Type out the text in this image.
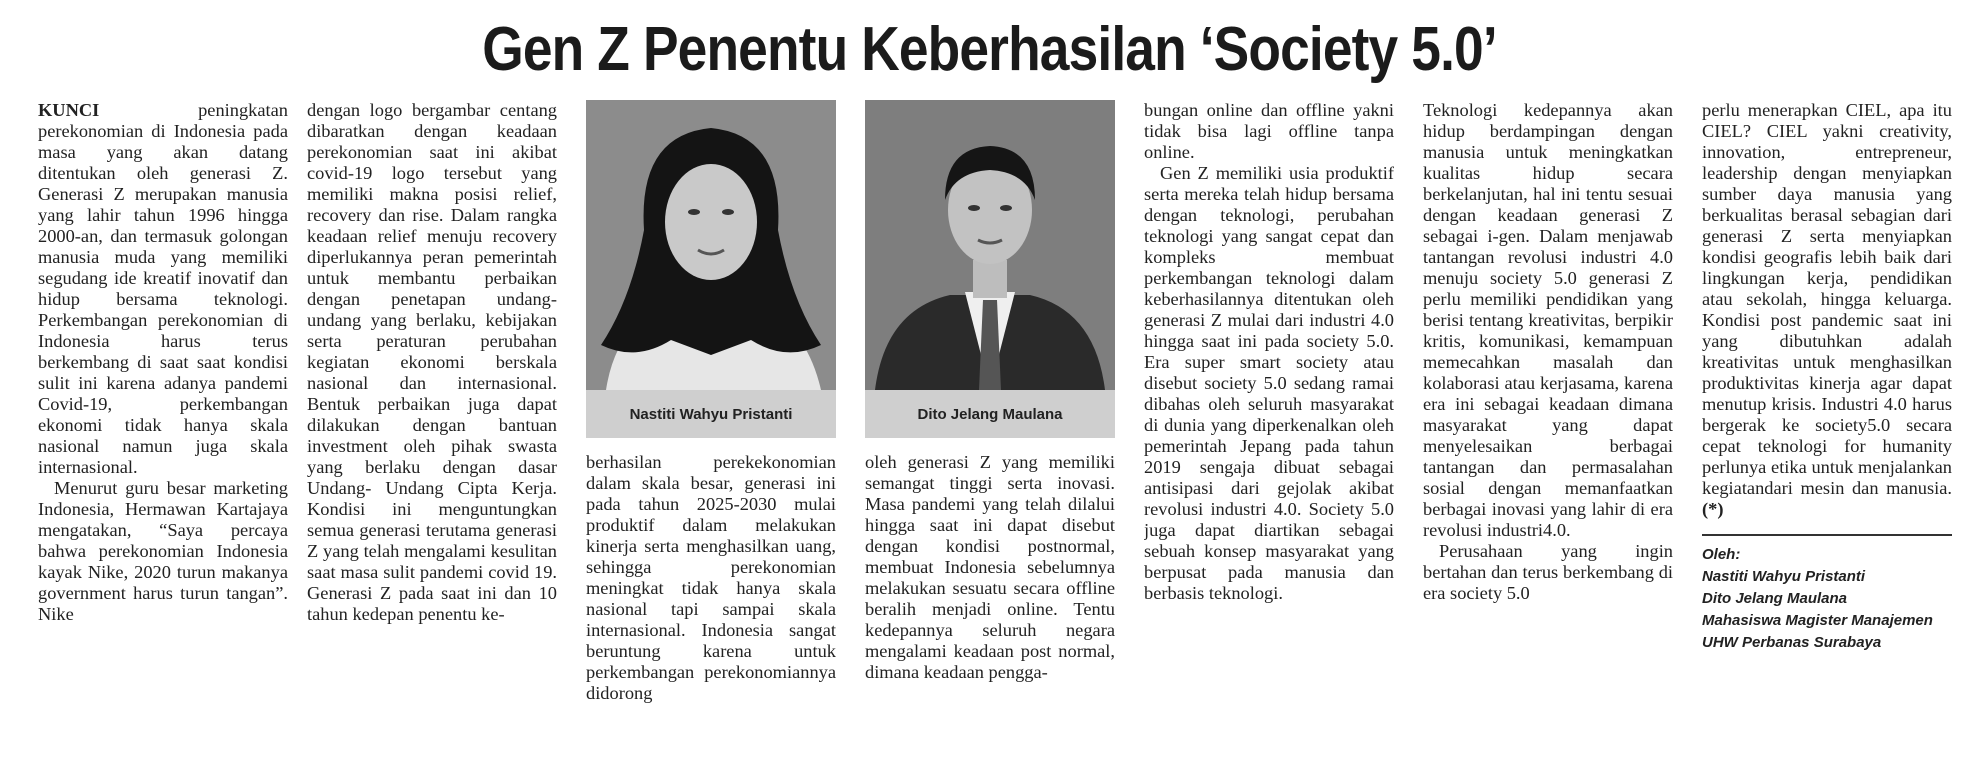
Gen Z Penentu Keberhasilan ‘Society 5.0’

KUNCI peningkatan perekonomian di Indonesia pada masa yang akan datang ditentukan oleh generasi Z. Generasi Z merupakan manusia yang lahir tahun 1996 hingga 2000-an, dan termasuk golongan manusia muda yang memiliki segudang ide kreatif inovatif dan hidup bersama teknologi. Perkembangan perekonomian di Indonesia harus terus berkembang di saat saat kondisi sulit ini karena adanya pandemi Covid-19, perkembangan ekonomi tidak hanya skala nasional namun juga skala internasional.

Menurut guru besar marketing Indonesia, Hermawan Kartajaya mengatakan, “Saya percaya bahwa perekonomian Indonesia kayak Nike, 2020 turun makanya government harus turun tangan”. Nike

dengan logo bergambar centang dibaratkan dengan keadaan perekonomian saat ini akibat covid-19 logo tersebut yang memiliki makna posisi relief, recovery dan rise. Dalam rangka keadaan relief menuju recovery diperlukannya peran pemerintah untuk membantu perbaikan dengan penetapan undang-undang yang berlaku, kebijakan serta peraturan perubahan kegiatan ekonomi berskala nasional dan internasional. Bentuk perbaikan juga dapat dilakukan dengan bantuan investment oleh pihak swasta yang berlaku dengan dasar Undang- Undang Cipta Kerja. Kondisi ini menguntungkan semua generasi terutama generasi Z yang telah mengalami kesulitan saat masa sulit pandemi covid 19. Generasi Z pada saat ini dan 10 tahun kedepan penentu ke-

Nastiti Wahyu Pristanti

berhasilan perekekonomian dalam skala besar, generasi ini pada tahun 2025-2030 mulai produktif dalam melakukan kinerja serta menghasilkan uang, sehingga perekonomian meningkat tidak hanya skala nasional tapi sampai skala internasional. Indonesia sangat beruntung karena untuk perkembangan perekonomiannya didorong

Dito Jelang Maulana

oleh generasi Z yang memiliki semangat tinggi serta inovasi. Masa pandemi yang telah dilalui hingga saat ini dapat disebut dengan kondisi postnormal, membuat Indonesia sebelumnya melakukan sesuatu secara offline beralih menjadi online. Tentu kedepannya seluruh negara mengalami keadaan post normal, dimana keadaan pengga-

bungan online dan offline yakni tidak bisa lagi offline tanpa online.

Gen Z memiliki usia produktif serta mereka telah hidup bersama dengan teknologi, perubahan teknologi yang sangat cepat dan kompleks membuat perkembangan teknologi dalam keberhasilannya ditentukan oleh generasi Z mulai dari industri 4.0 hingga saat ini pada society 5.0. Era super smart society atau disebut society 5.0 sedang ramai dibahas oleh seluruh masyarakat di dunia yang diperkenalkan oleh pemerintah Jepang pada tahun 2019 sengaja dibuat sebagai antisipasi dari gejolak akibat revolusi industri 4.0. Society 5.0 juga dapat diartikan sebagai sebuah konsep masyarakat yang berpusat pada manusia dan berbasis teknologi.

Teknologi kedepannya akan hidup berdampingan dengan manusia untuk meningkatkan kualitas hidup secara berkelanjutan, hal ini tentu sesuai dengan keadaan generasi Z sebagai i-gen. Dalam menjawab tantangan revolusi industri 4.0 menuju society 5.0 generasi Z perlu memiliki pendidikan yang berisi tentang kreativitas, berpikir kritis, komunikasi, kemampuan memecahkan masalah dan kolaborasi atau kerjasama, karena era ini sebagai keadaan dimana masyarakat yang dapat menyelesaikan berbagai tantangan dan permasalahan sosial dengan memanfaatkan berbagai inovasi yang lahir di era revolusi industri4.0.

Perusahaan yang ingin bertahan dan terus berkembang di era society 5.0

perlu menerapkan CIEL, apa itu CIEL? CIEL yakni creativity, innovation, entrepreneur, leadership dengan menyiapkan sumber daya manusia yang berkualitas berasal sebagian dari generasi Z serta menyiapkan kondisi geografis lebih baik dari lingkungan kerja, pendidikan atau sekolah, hingga keluarga. Kondisi post pandemic saat ini yang dibutuhkan adalah kreativitas untuk menghasilkan produktivitas kinerja agar dapat menutup krisis. Industri 4.0 harus bergerak ke society5.0 secara cepat teknologi for humanity perlunya etika untuk menjalankan kegiatandari mesin dan manusia. (*)

Oleh:
Nastiti Wahyu Pristanti
Dito Jelang Maulana
Mahasiswa Magister Manajemen
UHW Perbanas Surabaya
